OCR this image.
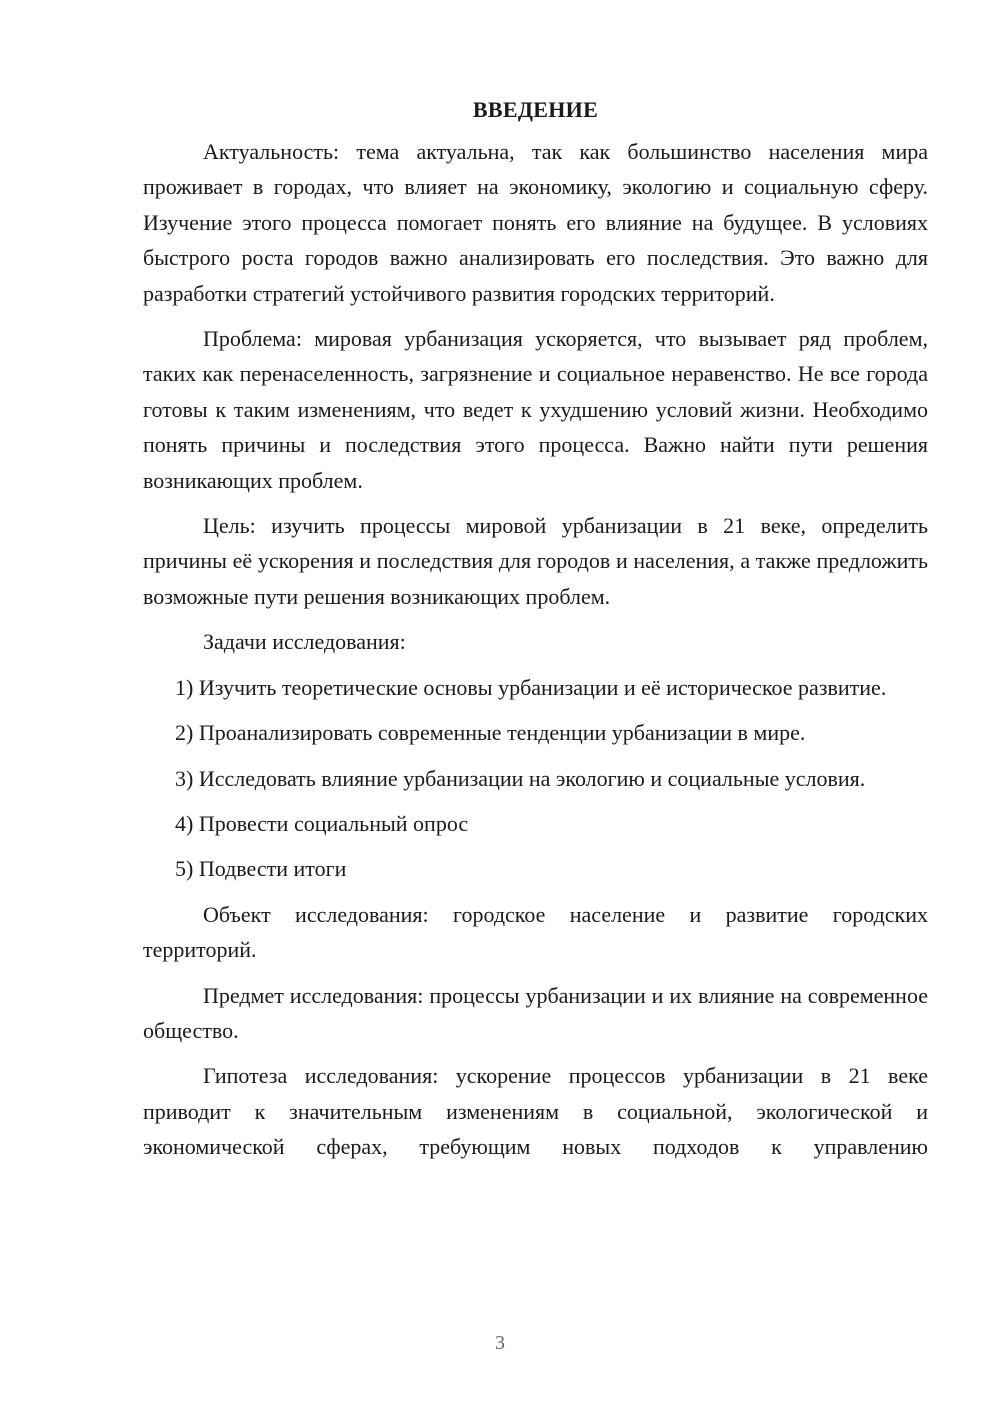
ВВЕДЕНИЕ

Актуальность: тема актуальна, так как большинство населения мира проживает в городах, что влияет на экономику, экологию и социальную сферу. Изучение этого процесса помогает понять его влияние на будущее. В условиях быстрого роста городов важно анализировать его последствия. Это важно для разработки стратегий устойчивого развития городских территорий.

Проблема: мировая урбанизация ускоряется, что вызывает ряд проблем, таких как перенаселенность, загрязнение и социальное неравенство. Не все города готовы к таким изменениям, что ведет к ухудшению условий жизни. Необходимо понять причины и последствия этого процесса. Важно найти пути решения возникающих проблем.

Цель: изучить процессы мировой урбанизации в 21 веке, определить причины её ускорения и последствия для городов и населения, а также предложить возможные пути решения возникающих проблем.

Задачи исследования:

1) Изучить теоретические основы урбанизации и её историческое развитие.

2) Проанализировать современные тенденции урбанизации в мире.

3) Исследовать влияние урбанизации на экологию и социальные условия.

4) Провести социальный опрос

5) Подвести итоги

Объект исследования: городское население и развитие городских территорий.

Предмет исследования: процессы урбанизации и их влияние на современное общество.

Гипотеза исследования: ускорение процессов урбанизации в 21 веке приводит к значительным изменениям в социальной, экологической и экономической сферах, требующим новых подходов к управлению

3
